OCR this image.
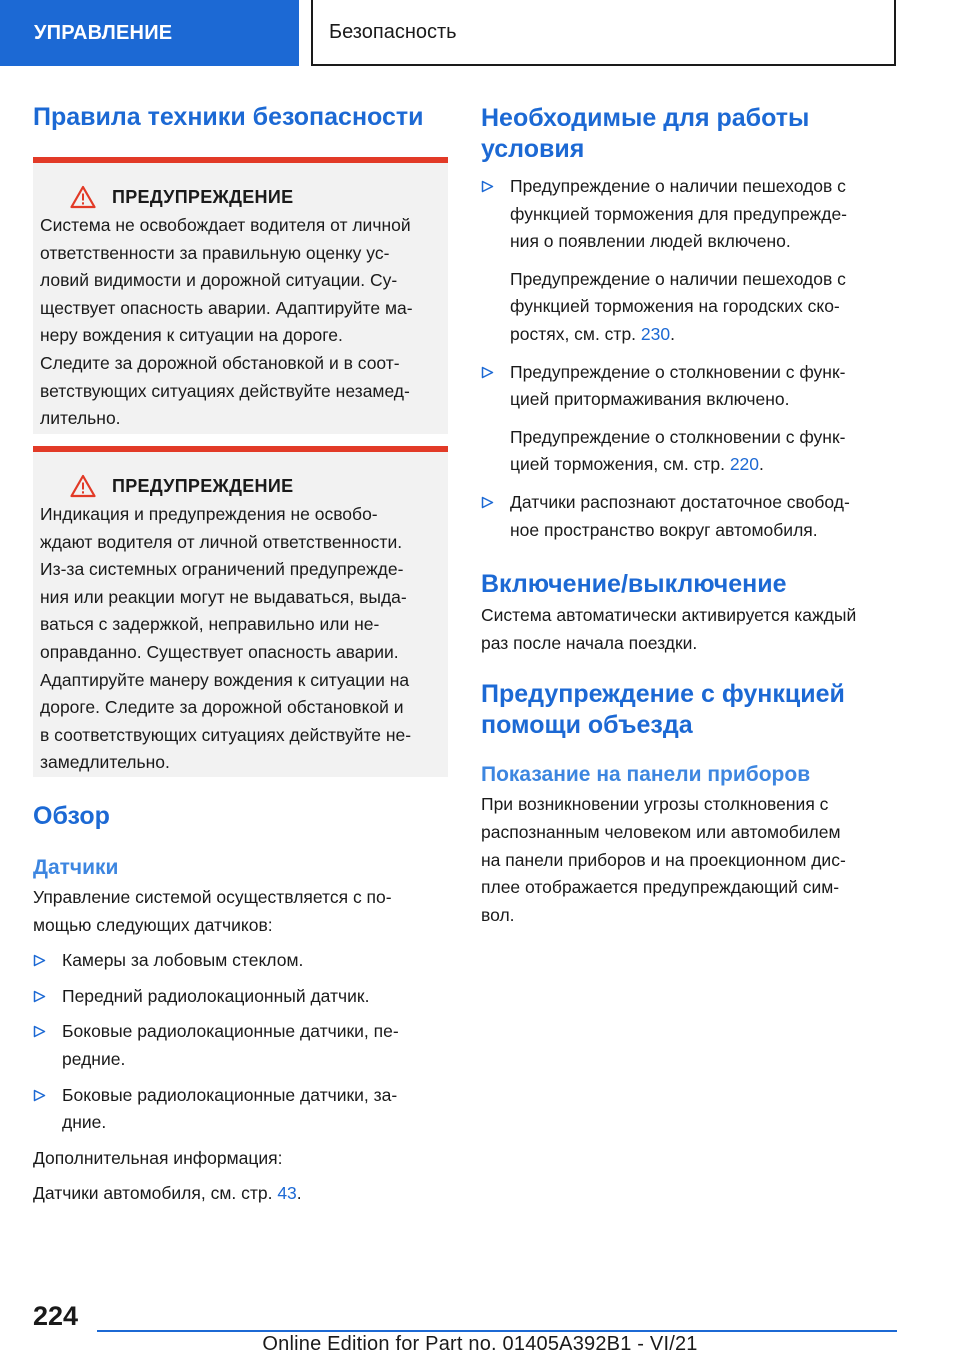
УПРАВЛЕНИЕ	Безопасность
Правила техники безопасности
ПРЕДУПРЕЖДЕНИЕ
Система не освобождает водителя от личной
ответственности за правильную оценку ус-
ловий видимости и дорожной ситуации. Су-
ществует опасность аварии. Адаптируйте ма-
неру вождения к ситуации на дороге.
Следите за дорожной обстановкой и в соот-
ветствующих ситуациях действуйте незамед-
лительно.
ПРЕДУПРЕЖДЕНИЕ
Индикация и предупреждения не освобо-
ждают водителя от личной ответственности.
Из-за системных ограничений предупрежде-
ния или реакции могут не выдаваться, выда-
ваться с задержкой, неправильно или не-
оправданно. Существует опасность аварии.
Адаптируйте манеру вождения к ситуации на
дороге. Следите за дорожной обстановкой и
в соответствующих ситуациях действуйте не-
замедлительно.
Обзор
Датчики
Управление системой осуществляется с по-
мощью следующих датчиков:
Камеры за лобовым стеклом.
Передний радиолокационный датчик.
Боковые радиолокационные датчики, пе-
редние.
Боковые радиолокационные датчики, за-
дние.
Дополнительная информация:
Датчики автомобиля, см. стр. 43.
Необходимые для работы
условия
Предупреждение о наличии пешеходов с
функцией торможения для предупрежде-
ния о появлении людей включено.
Предупреждение о наличии пешеходов с
функцией торможения на городских ско-
ростях, см. стр. 230.
Предупреждение о столкновении с функ-
цией притормаживания включено.
Предупреждение о столкновении с функ-
цией торможения, см. стр. 220.
Датчики распознают достаточное свобод-
ное пространство вокруг автомобиля.
Включение/выключение
Система автоматически активируется каждый
раз после начала поездки.
Предупреждение с функцией
помощи объезда
Показание на панели приборов
При возникновении угрозы столкновения с
распознанным человеком или автомобилем
на панели приборов и на проекционном дис-
плее отображается предупреждающий сим-
вол.
224
Online Edition for Part no. 01405A392B1 - VI/21
